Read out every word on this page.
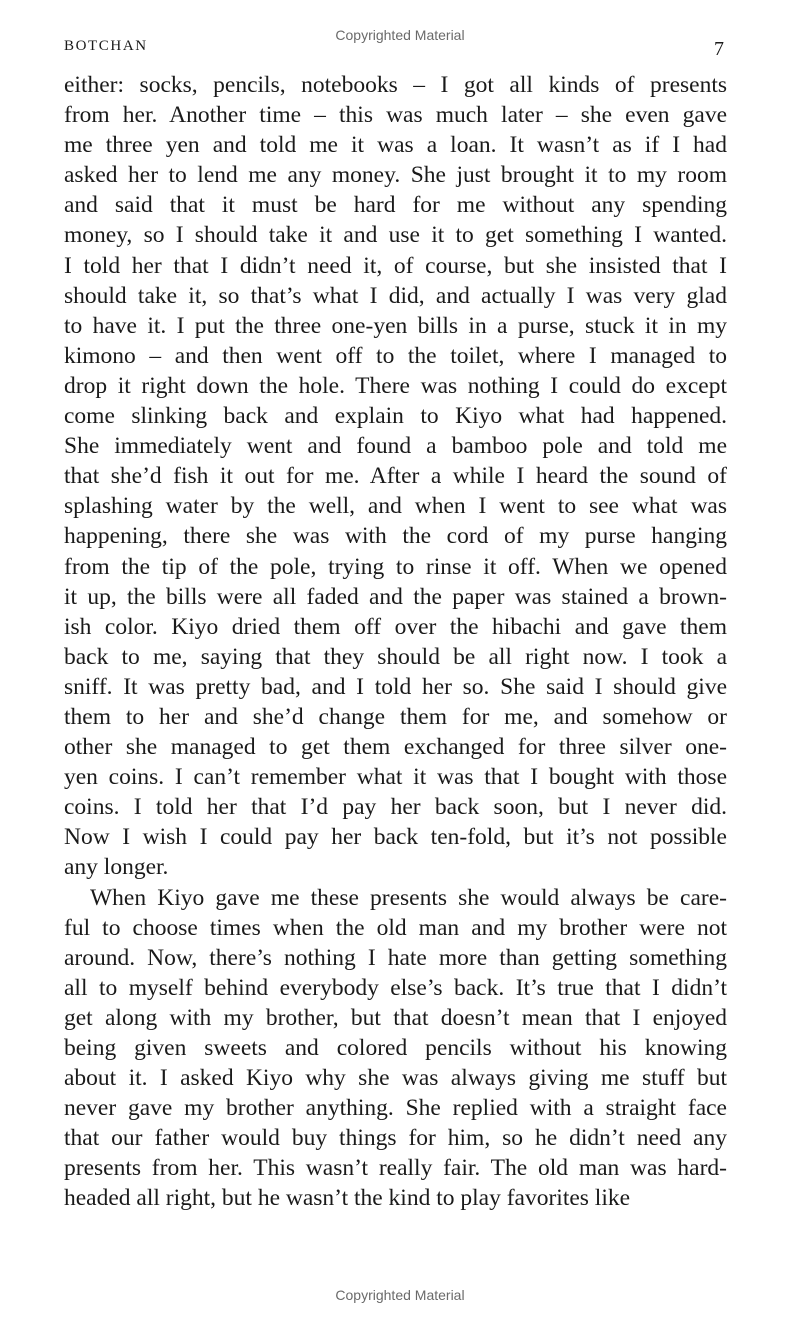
BOTCHAN
Copyrighted Material
7
either: socks, pencils, notebooks – I got all kinds of presents
from her. Another time – this was much later – she even gave
me three yen and told me it was a loan. It wasn’t as if I had
asked her to lend me any money. She just brought it to my room
and said that it must be hard for me without any spending
money, so I should take it and use it to get something I wanted.
I told her that I didn’t need it, of course, but she insisted that I
should take it, so that’s what I did, and actually I was very glad
to have it. I put the three one-yen bills in a purse, stuck it in my
kimono – and then went off to the toilet, where I managed to
drop it right down the hole. There was nothing I could do except
come slinking back and explain to Kiyo what had happened.
She immediately went and found a bamboo pole and told me
that she’d fish it out for me. After a while I heard the sound of
splashing water by the well, and when I went to see what was
happening, there she was with the cord of my purse hanging
from the tip of the pole, trying to rinse it off. When we opened
it up, the bills were all faded and the paper was stained a brown-
ish color. Kiyo dried them off over the hibachi and gave them
back to me, saying that they should be all right now. I took a
sniff. It was pretty bad, and I told her so. She said I should give
them to her and she’d change them for me, and somehow or
other she managed to get them exchanged for three silver one-
yen coins. I can’t remember what it was that I bought with those
coins. I told her that I’d pay her back soon, but I never did.
Now I wish I could pay her back ten-fold, but it’s not possible
any longer.
When Kiyo gave me these presents she would always be care-
ful to choose times when the old man and my brother were not
around. Now, there’s nothing I hate more than getting something
all to myself behind everybody else’s back. It’s true that I didn’t
get along with my brother, but that doesn’t mean that I enjoyed
being given sweets and colored pencils without his knowing
about it. I asked Kiyo why she was always giving me stuff but
never gave my brother anything. She replied with a straight face
that our father would buy things for him, so he didn’t need any
presents from her. This wasn’t really fair. The old man was hard-
headed all right, but he wasn’t the kind to play favorites like
Copyrighted Material
